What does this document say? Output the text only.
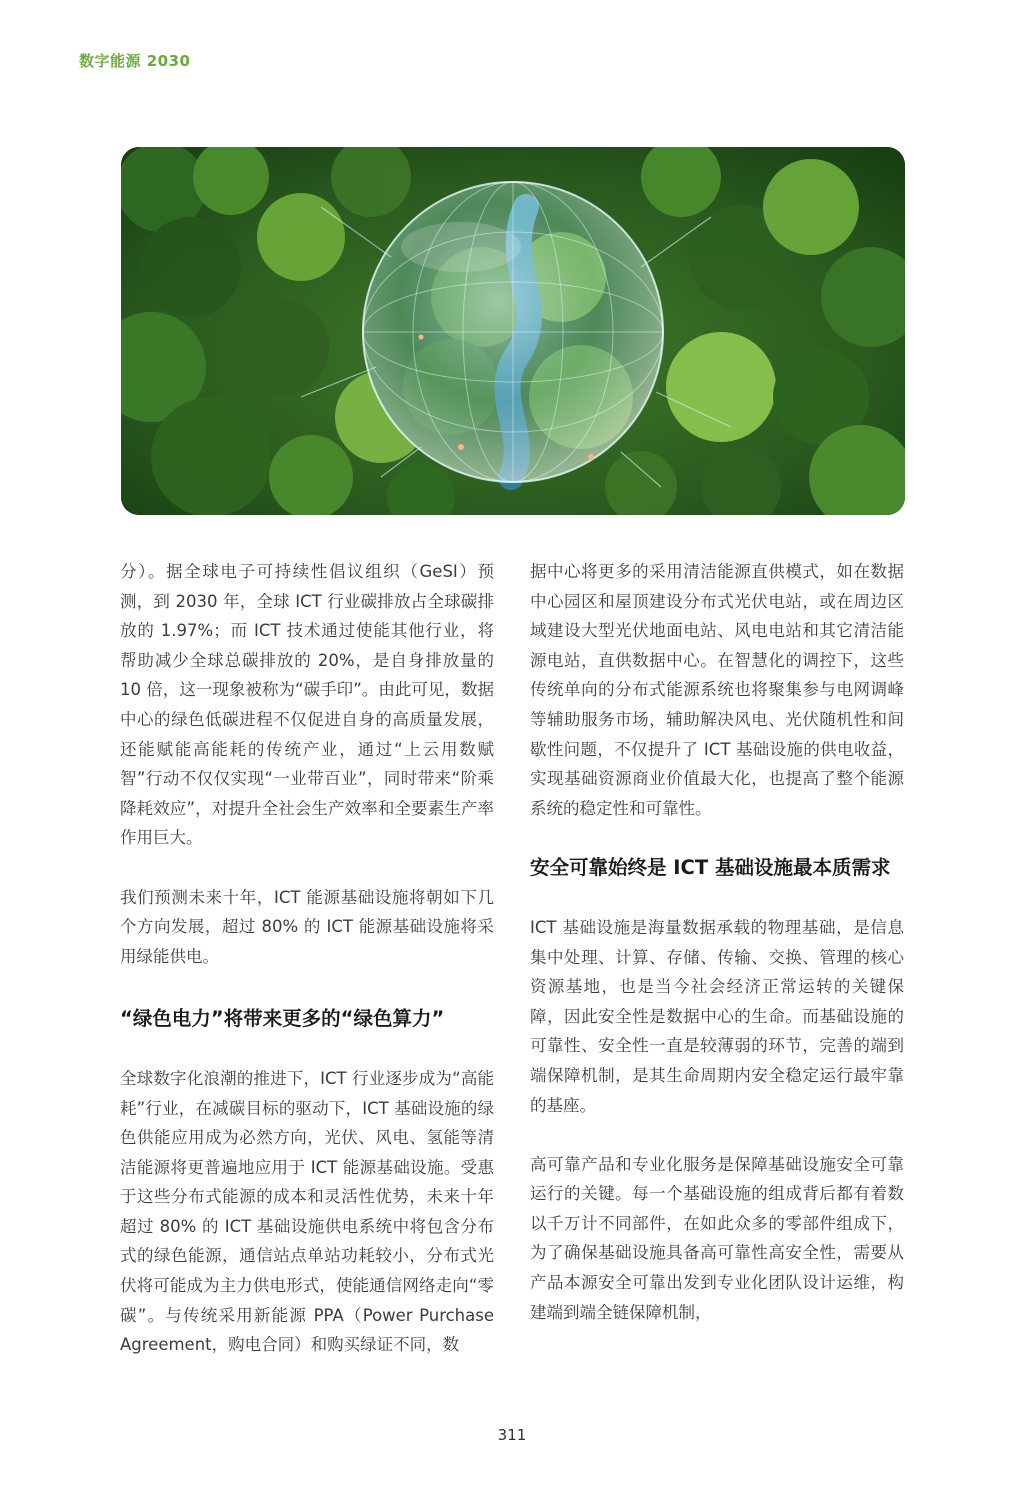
数字能源 2030

分）。据全球电子可持续性倡议组织（GeSI）预测，到 2030 年，全球 ICT 行业碳排放占全球碳排放的 1.97%；而 ICT 技术通过使能其他行业，将帮助减少全球总碳排放的 20%，是自身排放量的 10 倍，这一现象被称为“碳手印”。由此可见，数据中心的绿色低碳进程不仅促进自身的高质量发展，还能赋能高能耗的传统产业，通过“上云用数赋智”行动不仅仅实现“一业带百业”，同时带来“阶乘降耗效应”，对提升全社会生产效率和全要素生产率作用巨大。

我们预测未来十年，ICT 能源基础设施将朝如下几个方向发展，超过 80% 的 ICT 能源基础设施将采用绿能供电。

“绿色电力”将带来更多的“绿色算力”

全球数字化浪潮的推进下，ICT 行业逐步成为“高能耗”行业，在减碳目标的驱动下，ICT 基础设施的绿色供能应用成为必然方向，光伏、风电、氢能等清洁能源将更普遍地应用于 ICT 能源基础设施。受惠于这些分布式能源的成本和灵活性优势，未来十年超过 80% 的 ICT 基础设施供电系统中将包含分布式的绿色能源，通信站点单站功耗较小，分布式光伏将可能成为主力供电形式，使能通信网络走向“零碳”。与传统采用新能源 PPA（Power Purchase Agreement，购电合同）和购买绿证不同，数

据中心将更多的采用清洁能源直供模式，如在数据中心园区和屋顶建设分布式光伏电站，或在周边区域建设大型光伏地面电站、风电电站和其它清洁能源电站，直供数据中心。在智慧化的调控下，这些传统单向的分布式能源系统也将聚集参与电网调峰等辅助服务市场，辅助解决风电、光伏随机性和间歇性问题，不仅提升了 ICT 基础设施的供电收益，实现基础资源商业价值最大化，也提高了整个能源系统的稳定性和可靠性。

安全可靠始终是 ICT 基础设施最本质需求

ICT 基础设施是海量数据承载的物理基础，是信息集中处理、计算、存储、传输、交换、管理的核心资源基地，也是当今社会经济正常运转的关键保障，因此安全性是数据中心的生命。而基础设施的可靠性、安全性一直是较薄弱的环节，完善的端到端保障机制，是其生命周期内安全稳定运行最牢靠的基座。

高可靠产品和专业化服务是保障基础设施安全可靠运行的关键。每一个基础设施的组成背后都有着数以千万计不同部件，在如此众多的零部件组成下，为了确保基础设施具备高可靠性高安全性，需要从产品本源安全可靠出发到专业化团队设计运维，构建端到端全链保障机制，

311
